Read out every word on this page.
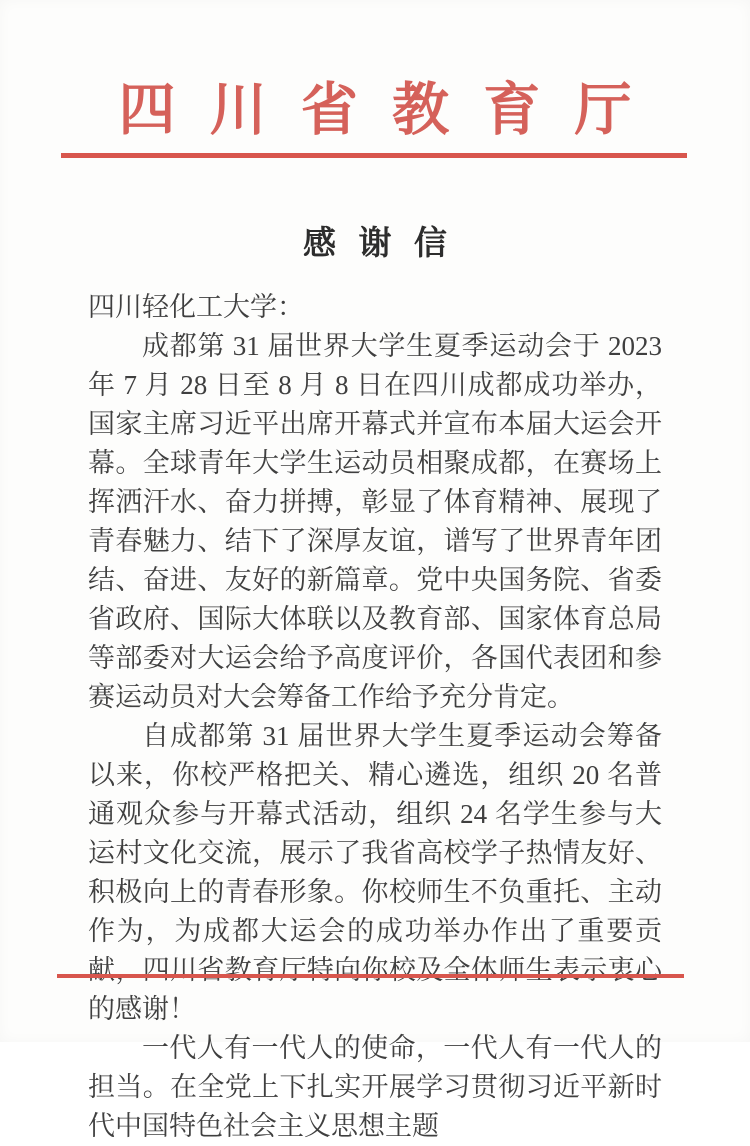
四川省教育厅
感谢信

四川轻化工大学：

成都第 31 届世界大学生夏季运动会于 2023 年 7 月 28 日至 8 月 8 日在四川成都成功举办，国家主席习近平出席开幕式并宣布本届大运会开幕。全球青年大学生运动员相聚成都，在赛场上挥洒汗水、奋力拼搏，彰显了体育精神、展现了青春魅力、结下了深厚友谊，谱写了世界青年团结、奋进、友好的新篇章。党中央国务院、省委省政府、国际大体联以及教育部、国家体育总局等部委对大运会给予高度评价，各国代表团和参赛运动员对大会筹备工作给予充分肯定。

自成都第 31 届世界大学生夏季运动会筹备以来，你校严格把关、精心遴选，组织 20 名普通观众参与开幕式活动，组织 24 名学生参与大运村文化交流，展示了我省高校学子热情友好、积极向上的青春形象。你校师生不负重托、主动作为，为成都大运会的成功举办作出了重要贡献，四川省教育厅特向你校及全体师生表示衷心的感谢！

一代人有一代人的使命，一代人有一代人的担当。在全党上下扎实开展学习贯彻习近平新时代中国特色社会主义思想主题
